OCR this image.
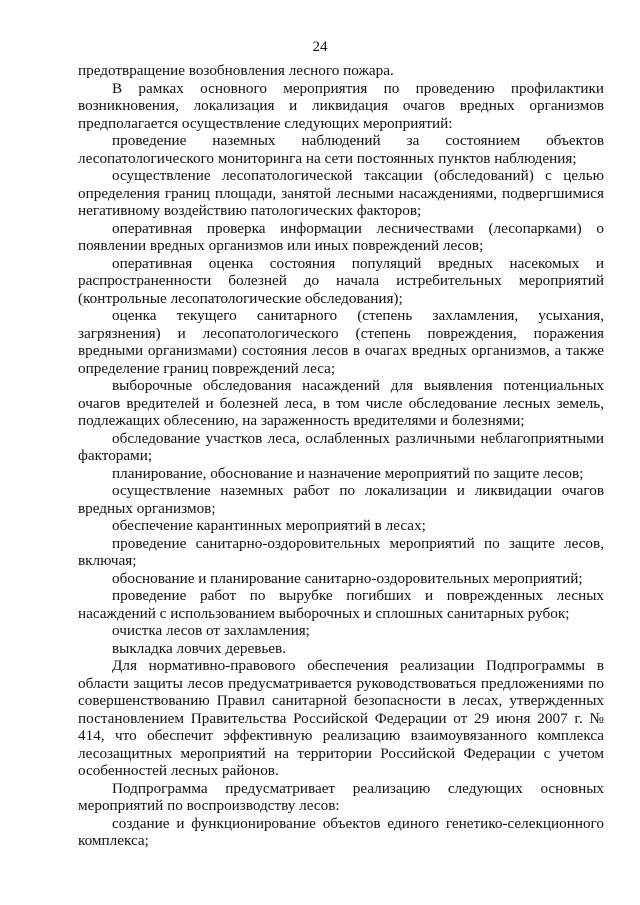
24

предотвращение возобновления лесного пожара.

В рамках основного мероприятия по проведению профилактики возникновения, локализация и ликвидация очагов вредных организмов предполагается осуществление следующих мероприятий:

проведение наземных наблюдений за состоянием объектов лесопатологического мониторинга на сети постоянных пунктов наблюдения;

осуществление лесопатологической таксации (обследований) с целью определения границ площади, занятой лесными насаждениями, подвергшимися негативному воздействию патологических факторов;

оперативная проверка информации лесничествами (лесопарками) о появлении вредных организмов или иных повреждений лесов;

оперативная оценка состояния популяций вредных насекомых и распространенности болезней до начала истребительных мероприятий (контрольные лесопатологические обследования);

оценка текущего санитарного (степень захламления, усыхания, загрязнения) и лесопатологического (степень повреждения, поражения вредными организмами) состояния лесов в очагах вредных организмов, а также определение границ повреждений леса;

выборочные обследования насаждений для выявления потенциальных очагов вредителей и болезней леса, в том числе обследование лесных земель, подлежащих облесению, на зараженность вредителями и болезнями;

обследование участков леса, ослабленных различными неблагоприятными факторами;

планирование, обоснование и назначение мероприятий по защите лесов;

осуществление наземных работ по локализации и ликвидации очагов вредных организмов;

обеспечение карантинных мероприятий в лесах;

проведение санитарно-оздоровительных мероприятий по защите лесов, включая;

обоснование и планирование санитарно-оздоровительных мероприятий;

проведение работ по вырубке погибших и поврежденных лесных насаждений с использованием выборочных и сплошных санитарных рубок;

очистка лесов от захламления;

выкладка ловчих деревьев.

Для нормативно-правового обеспечения реализации Подпрограммы в области защиты лесов предусматривается руководствоваться предложениями по совершенствованию Правил санитарной безопасности в лесах, утвержденных постановлением Правительства Российской Федерации от 29 июня 2007 г. № 414, что обеспечит эффективную реализацию взаимоувязанного комплекса лесозащитных мероприятий на территории Российской Федерации с учетом особенностей лесных районов.

Подпрограмма предусматривает реализацию следующих основных мероприятий по воспроизводству лесов:

создание и функционирование объектов единого генетико-селекционного комплекса;
